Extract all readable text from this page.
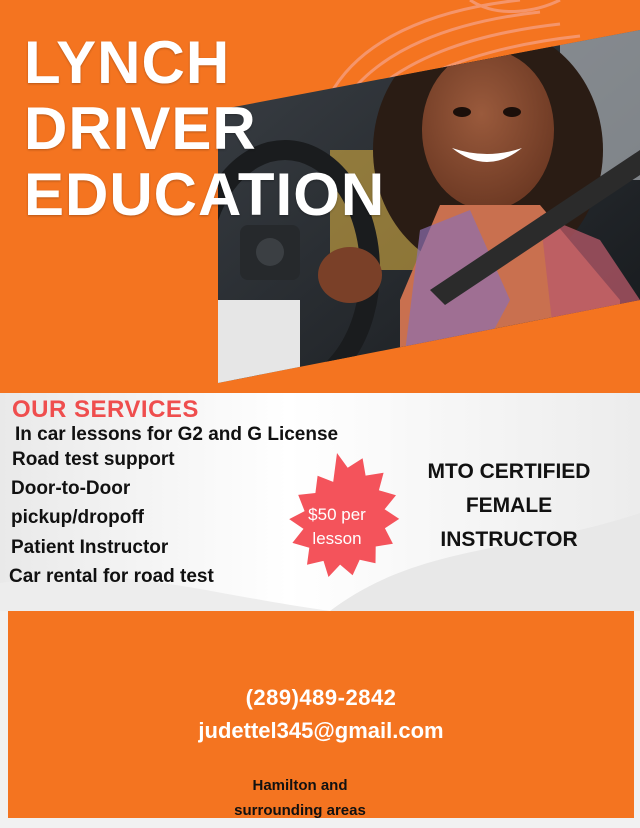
LYNCH
DRIVER
EDUCATION
OUR SERVICES
In car lessons for G2 and G License
Road test support
Door-to-Door
pickup/dropoff
Patient Instructor
Car rental for road test
$50 per
lesson
MTO CERTIFIED
FEMALE
INSTRUCTOR
(289)489-2842
judettel345@gmail.com
Hamilton and
surrounding areas
